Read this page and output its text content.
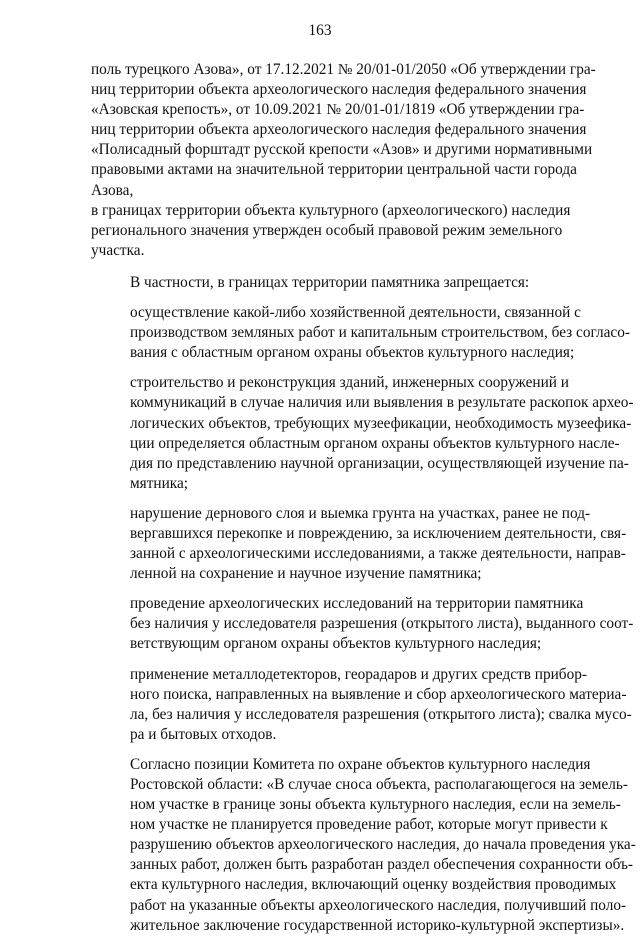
163

поль турецкого Азова», от 17.12.2021 № 20/01-01/2050 «Об утверждении гра-
ниц территории объекта археологического наследия федерального значения
«Азовская крепость», от 10.09.2021 № 20/01-01/1819 «Об утверждении гра-
ниц территории объекта археологического наследия федерального значения
«Полисадный форштадт русской крепости «Азов» и другими нормативными
правовыми актами на значительной территории центральной части города
Азова,

в границах территории объекта культурного (археологического) наследия
регионального значения утвержден особый правовой режим земельного
участка.

В частности, в границах территории памятника запрещается:

осуществление какой-либо хозяйственной деятельности, связанной с
производством земляных работ и капитальным строительством, без согласо-
вания с областным органом охраны объектов культурного наследия;

строительство и реконструкция зданий, инженерных сооружений и
коммуникаций в случае наличия или выявления в результате раскопок архео-
логических объектов, требующих музеефикации, необходимость музеефика-
ции определяется областным органом охраны объектов культурного насле-
дия по представлению научной организации, осуществляющей изучение па-
мятника;

нарушение дернового слоя и выемка грунта на участках, ранее не под-
вергавшихся перекопке и повреждению, за исключением деятельности, свя-
занной с археологическими исследованиями, а также деятельности, направ-
ленной на сохранение и научное изучение памятника;

проведение археологических исследований на территории памятника
без наличия у исследователя разрешения (открытого листа), выданного соот-
ветствующим органом охраны объектов культурного наследия;

применение металлодетекторов, георадаров и других средств прибор-
ного поиска, направленных на выявление и сбор археологического материа-
ла, без наличия у исследователя разрешения (открытого листа); свалка мусо-
ра и бытовых отходов.

Согласно позиции Комитета по охране объектов культурного наследия
Ростовской области: «В случае сноса объекта, располагающегося на земель-
ном участке в границе зоны объекта культурного наследия, если на земель-
ном участке не планируется проведение работ, которые могут привести к
разрушению объектов археологического наследия, до начала проведения ука-
занных работ, должен быть разработан раздел обеспечения сохранности объ-
екта культурного наследия, включающий оценку воздействия проводимых
работ на указанные объекты археологического наследия, получивший поло-
жительное заключение государственной историко-культурной экспертизы».
